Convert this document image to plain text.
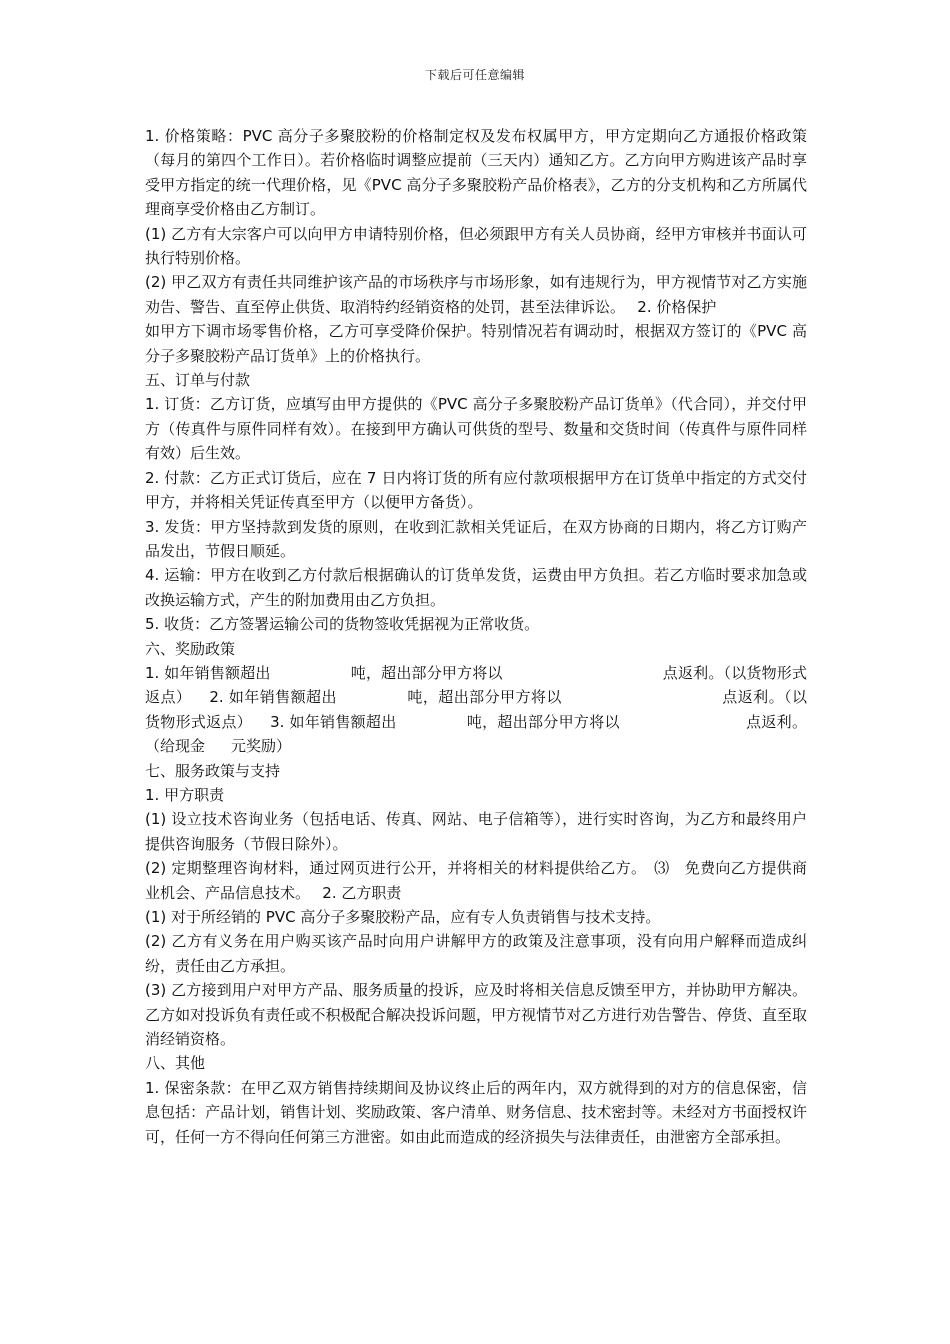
下载后可任意编辑

1. 价格策略：PVC 高分子多聚胶粉的价格制定权及发布权属甲方，甲方定期向乙方通报价格政策（每月的第四个工作日）。若价格临时调整应提前（三天内）通知乙方。乙方向甲方购进该产品时享受甲方指定的统一代理价格，见《PVC 高分子多聚胶粉产品价格表》，乙方的分支机构和乙方所属代理商享受价格由乙方制订。

(1) 乙方有大宗客户可以向甲方申请特别价格，但必须跟甲方有关人员协商，经甲方审核并书面认可执行特别价格。

(2) 甲乙双方有责任共同维护该产品的市场秩序与市场形象，如有违规行为，甲方视情节对乙方实施劝告、警告、直至停止供货、取消特约经销资格的处罚，甚至法律诉讼。　 2. 价格保护

如甲方下调市场零售价格，乙方可享受降价保护。特别情况若有调动时，根据双方签订的《PVC 高分子多聚胶粉产品订货单》上的价格执行。

五、订单与付款

1. 订货：乙方订货，应填写由甲方提供的《PVC 高分子多聚胶粉产品订货单》（代合同），并交付甲方（传真件与原件同样有效）。在接到甲方确认可供货的型号、数量和交货时间（传真件与原件同样有效）后生效。

2. 付款：乙方正式订货后，应在 7 日内将订货的所有应付款项根据甲方在订货单中指定的方式交付甲方，并将相关凭证传真至甲方（以便甲方备货）。

3. 发货：甲方坚持款到发货的原则，在收到汇款相关凭证后，在双方协商的日期内，将乙方订购产品发出，节假日顺延。

4. 运输：甲方在收到乙方付款后根据确认的订货单发货，运费由甲方负担。若乙方临时要求加急或改换运输方式，产生的附加费用由乙方负担。

5. 收货：乙方签署运输公司的货物签收凭据视为正常收货。

六、奖励政策

1. 如年销售额超出	吨，超出部分甲方将以	点返利。（以货物形式返点） 2. 如年销售额超出	吨，超出部分甲方将以	点返利。（以货物形式返点） 3. 如年销售额超出	吨，超出部分甲方将以	点返利。（给现金 元奖励）

七、服务政策与支持

1. 甲方职责

(1) 设立技术咨询业务（包括电话、传真、网站、电子信箱等），进行实时咨询，为乙方和最终用户提供咨询服务（节假日除外）。

(2) 定期整理咨询材料，通过网页进行公开，并将相关的材料提供给乙方。　⑶　免费向乙方提供商业机会、产品信息技术。　 2. 乙方职责

(1) 对于所经销的 PVC 高分子多聚胶粉产品，应有专人负责销售与技术支持。

(2) 乙方有义务在用户购买该产品时向用户讲解甲方的政策及注意事项，没有向用户解释而造成纠纷，责任由乙方承担。

(3) 乙方接到用户对甲方产品、服务质量的投诉，应及时将相关信息反馈至甲方，并协助甲方解决。乙方如对投诉负有责任或不积极配合解决投诉问题，甲方视情节对乙方进行劝告警告、停货、直至取消经销资格。

八、其他

1. 保密条款：在甲乙双方销售持续期间及协议终止后的两年内，双方就得到的对方的信息保密，信息包括：产品计划，销售计划、奖励政策、客户清单、财务信息、技术密封等。未经对方书面授权许可，任何一方不得向任何第三方泄密。如由此而造成的经济损失与法律责任，由泄密方全部承担。
